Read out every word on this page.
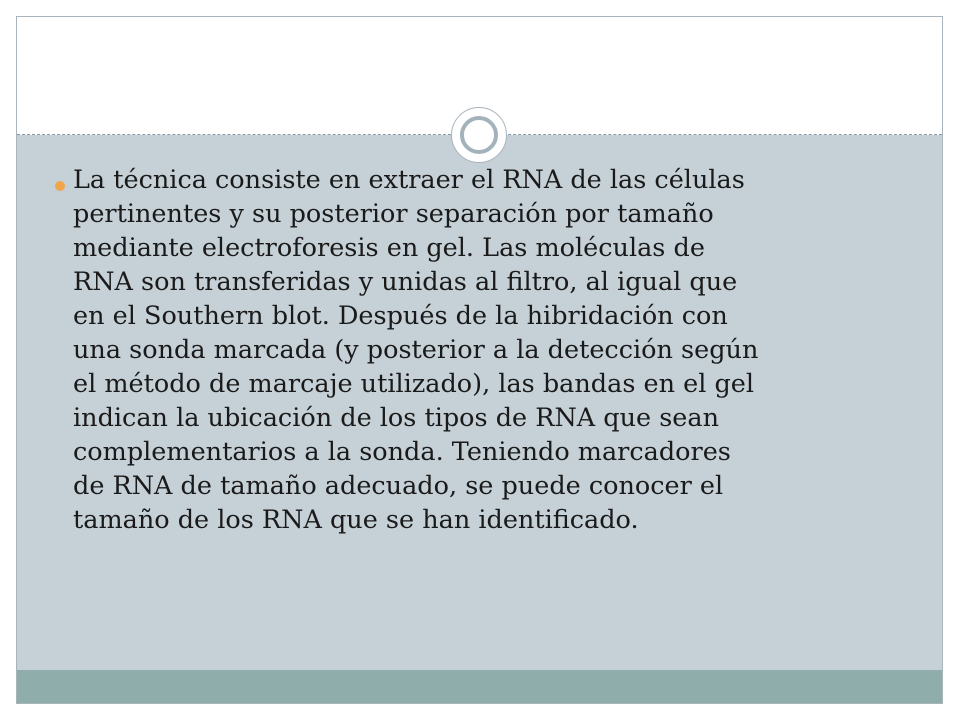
La técnica consiste en extraer el RNA de las células
pertinentes y su posterior separación por tamaño
mediante electroforesis en gel. Las moléculas de
RNA son transferidas y unidas al filtro, al igual que
en el Southern blot. Después de la hibridación con
una sonda marcada (y posterior a la detección según
el método de marcaje utilizado), las bandas en el gel
indican la ubicación de los tipos de RNA que sean
complementarios a la sonda. Teniendo marcadores
de RNA de tamaño adecuado, se puede conocer el
tamaño de los RNA que se han identificado.
